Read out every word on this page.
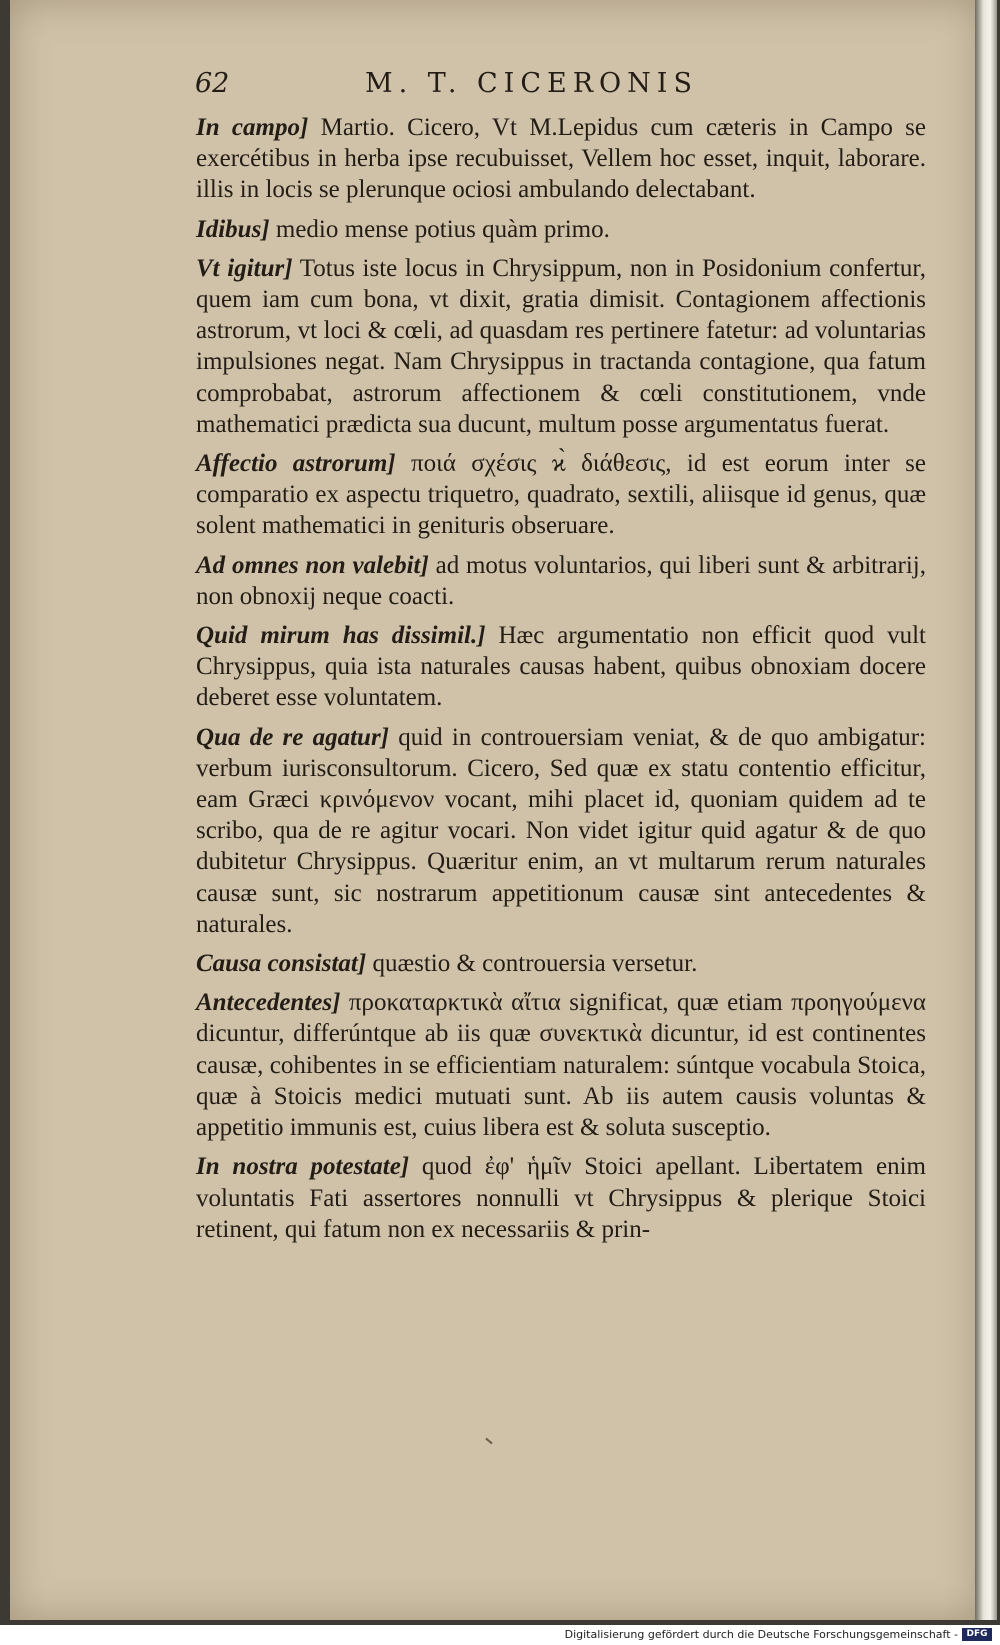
62	M. T. CICERONIS

In campo] Martio. Cicero, Vt M.Lepidus cum cæteris in Campo se exercétibus in herba ipse recubuisset, Vellem hoc esset, inquit, laborare. illis in locis se plerunque ociosi ambulando delectabant.

Idibus] medio mense potius quàm primo.

Vt igitur] Totus iste locus in Chrysippum, non in Posidonium confertur, quem iam cum bona, vt dixit, gratia dimisit. Contagionem affectionis astrorum, vt loci & cœli, ad quasdam res pertinere fatetur: ad voluntarias impulsiones negat. Nam Chrysippus in tractanda contagione, qua fatum comprobabat, astrorum affectionem & cœli constitutionem, vnde mathematici prædicta sua ducunt, multum posse argumentatus fuerat.

Affectio astrorum] ποιά σχέσις ϰ̀ διάθεσις, id est eorum inter se comparatio ex aspectu triquetro, quadrato, sextili, aliisque id genus, quæ solent mathematici in genituris obseruare.

Ad omnes non valebit] ad motus voluntarios, qui liberi sunt & arbitrarij, non obnoxij neque coacti.

Quid mirum has dissimil.] Hæc argumentatio non efficit quod vult Chrysippus, quia ista naturales causas habent, quibus obnoxiam docere deberet esse voluntatem.

Qua de re agatur] quid in controuersiam veniat, & de quo ambigatur: verbum iurisconsultorum. Cicero, Sed quæ ex statu contentio efficitur, eam Græci κρινόμενον vocant, mihi placet id, quoniam quidem ad te scribo, qua de re agitur vocari. Non videt igitur quid agatur & de quo dubitetur Chrysippus. Quæritur enim, an vt multarum rerum naturales causæ sunt, sic nostrarum appetitionum causæ sint antecedentes & naturales.

Causa consistat] quæstio & controuersia versetur.

Antecedentes] προκαταρκτικὰ αἴτια significat, quæ etiam προηγούμενα dicuntur, differúntque ab iis quæ συνεκτικὰ dicuntur, id est continentes causæ, cohibentes in se efficientiam naturalem: súntque vocabula Stoica, quæ à Stoicis medici mutuati sunt. Ab iis autem causis voluntas & appetitio immunis est, cuius libera est & soluta susceptio.

In nostra potestate] quod ἐφ' ἡμῖν Stoici apellant. Libertatem enim voluntatis Fati assertores nonnulli vt Chrysippus & plerique Stoici retinent, qui fatum non ex necessariis & prin-

Digitalisierung gefördert durch die Deutsche Forschungsgemeinschaft - DFG
